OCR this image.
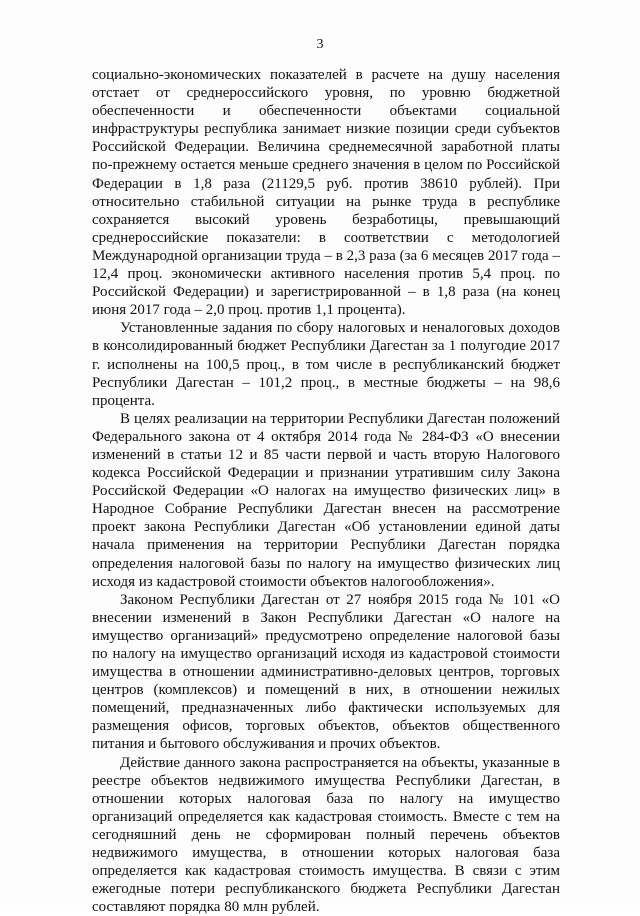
3

социально-экономических показателей в расчете на душу населения отстает от среднероссийского уровня, по уровню бюджетной обеспеченности и обеспеченности объектами социальной инфраструктуры республика занимает низкие позиции среди субъектов Российской Федерации. Величина среднемесячной заработной платы по-прежнему остается меньше среднего значения в целом по Российской Федерации в 1,8 раза (21129,5 руб. против 38610 рублей). При относительно стабильной ситуации на рынке труда в республике сохраняется высокий уровень безработицы, превышающий среднероссийские показатели: в соответствии с методологией Международной организации труда – в 2,3 раза (за 6 месяцев 2017 года – 12,4 проц. экономически активного населения против 5,4 проц. по Российской Федерации) и зарегистрированной – в 1,8 раза (на конец июня 2017 года – 2,0 проц. против 1,1 процента).

Установленные задания по сбору налоговых и неналоговых доходов в консолидированный бюджет Республики Дагестан за 1 полугодие 2017 г. исполнены на 100,5 проц., в том числе в республиканский бюджет Республики Дагестан – 101,2 проц., в местные бюджеты – на 98,6 процента.

В целях реализации на территории Республики Дагестан положений Федерального закона от 4 октября 2014 года № 284-ФЗ «О внесении изменений в статьи 12 и 85 части первой и часть вторую Налогового кодекса Российской Федерации и признании утратившим силу Закона Российской Федерации «О налогах на имущество физических лиц» в Народное Собрание Республики Дагестан внесен на рассмотрение проект закона Республики Дагестан «Об установлении единой даты начала применения на территории Республики Дагестан порядка определения налоговой базы по налогу на имущество физических лиц исходя из кадастровой стоимости объектов налогообложения».

Законом Республики Дагестан от 27 ноября 2015 года № 101 «О внесении изменений в Закон Республики Дагестан «О налоге на имущество организаций» предусмотрено определение налоговой базы по налогу на имущество организаций исходя из кадастровой стоимости имущества в отношении административно-деловых центров, торговых центров (комплексов) и помещений в них, в отношении нежилых помещений, предназначенных либо фактически используемых для размещения офисов, торговых объектов, объектов общественного питания и бытового обслуживания и прочих объектов.

Действие данного закона распространяется на объекты, указанные в реестре объектов недвижимого имущества Республики Дагестан, в отношении которых налоговая база по налогу на имущество организаций определяется как кадастровая стоимость. Вместе с тем на сегодняшний день не сформирован полный перечень объектов недвижимого имущества, в отношении которых налоговая база определяется как кадастровая стоимость имущества. В связи с этим ежегодные потери республиканского бюджета Республики Дагестан составляют порядка 80 млн рублей.
